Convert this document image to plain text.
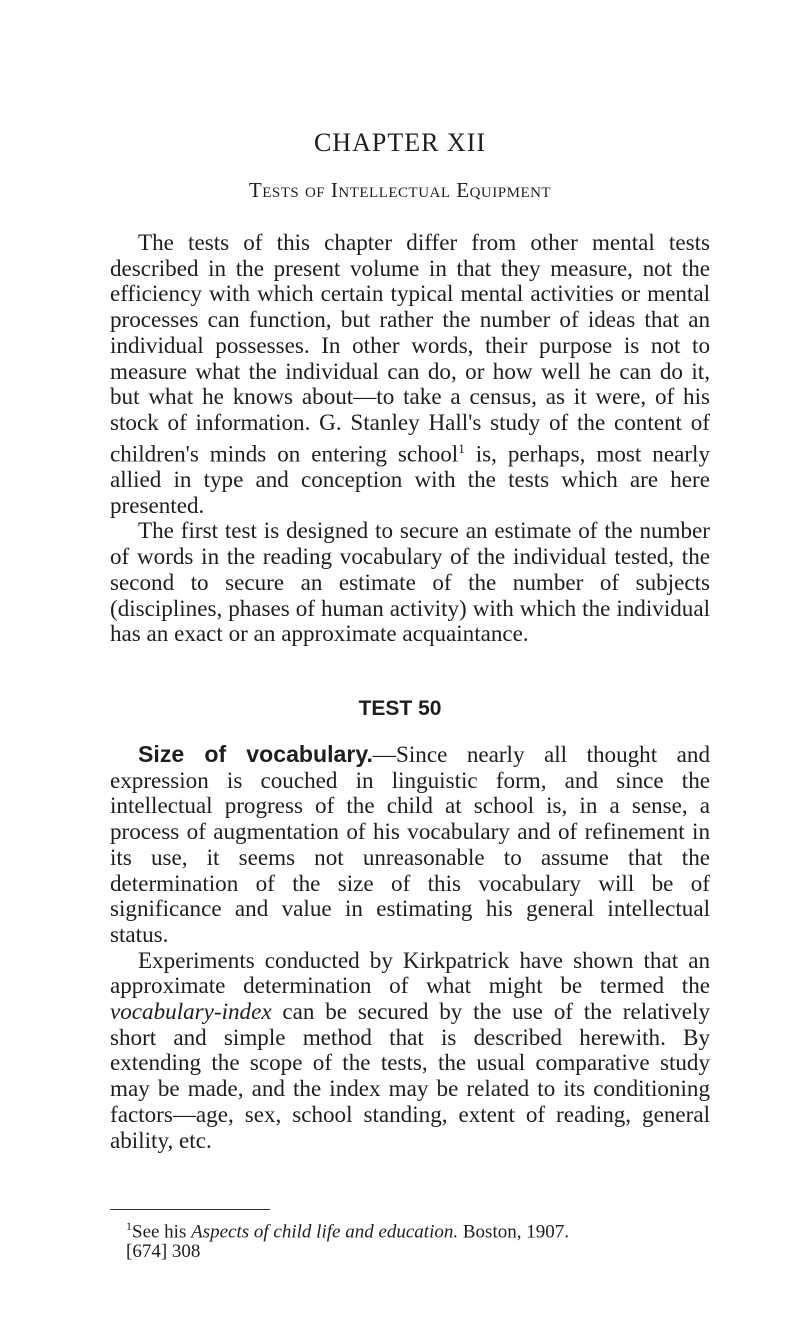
CHAPTER XII
Tests of Intellectual Equipment

The tests of this chapter differ from other mental tests described in the present volume in that they measure, not the efficiency with which certain typical mental activities or mental processes can function, but rather the number of ideas that an individual possesses. In other words, their purpose is not to measure what the individual can do, or how well he can do it, but what he knows about—to take a census, as it were, of his stock of information. G. Stanley Hall's study of the content of children's minds on entering school$^1$ is, perhaps, most nearly allied in type and conception with the tests which are here presented.

The first test is designed to secure an estimate of the number of words in the reading vocabulary of the individual tested, the second to secure an estimate of the number of subjects (disciplines, phases of human activity) with which the individual has an exact or an approximate acquaintance.

TEST 50

Size of vocabulary.—Since nearly all thought and expression is couched in linguistic form, and since the intellectual progress of the child at school is, in a sense, a process of augmentation of his vocabulary and of refinement in its use, it seems not unreasonable to assume that the determination of the size of this vocabulary will be of significance and value in estimating his general intellectual status.

Experiments conducted by Kirkpatrick have shown that an approximate determination of what might be termed the vocabulary-index can be secured by the use of the relatively short and simple method that is described herewith. By extending the scope of the tests, the usual comparative study may be made, and the index may be related to its conditioning factors—age, sex, school standing, extent of reading, general ability, etc.

$^1$See his Aspects of child life and education. Boston, 1907.
[674] 308
